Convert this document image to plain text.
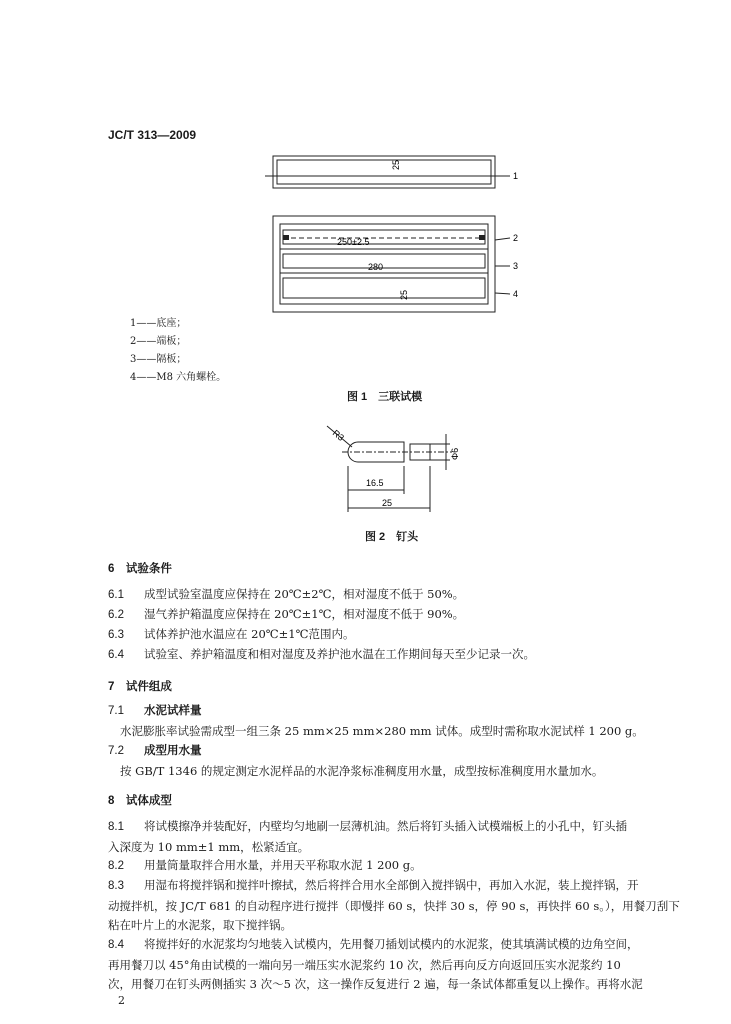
JC/T 313—2009
25
250±2.5
280
25
1
2
3
4
1——底座；
2——端板；
3——隔板；
4——M8 六角螺栓。
图 1　三联试模
R3
Φ6
16.5
25
图 2　钉头
6　试验条件
6.1 成型试验室温度应保持在 20℃±2℃，相对湿度不低于 50%。
6.2 湿气养护箱温度应保持在 20℃±1℃，相对湿度不低于 90%。
6.3 试体养护池水温应在 20℃±1℃范围内。
6.4 试验室、养护箱温度和相对湿度及养护池水温在工作期间每天至少记录一次。
7　试件组成
7.1 水泥试样量
水泥膨胀率试验需成型一组三条 25 mm×25 mm×280 mm 试体。成型时需称取水泥试样 1 200 g。
7.2 成型用水量
按 GB/T 1346 的规定测定水泥样品的水泥净浆标准稠度用水量，成型按标准稠度用水量加水。
8　试体成型
8.1 将试模擦净并装配好，内壁均匀地刷一层薄机油。然后将钉头插入试模端板上的小孔中，钉头插
入深度为 10 mm±1 mm，松紧适宜。
8.2 用量筒量取拌合用水量，并用天平称取水泥 1 200 g。
8.3 用湿布将搅拌锅和搅拌叶擦拭，然后将拌合用水全部倒入搅拌锅中，再加入水泥，装上搅拌锅，开
动搅拌机，按 JC/T 681 的自动程序进行搅拌（即慢拌 60 s，快拌 30 s，停 90 s，再快拌 60 s。），用餐刀刮下
粘在叶片上的水泥浆，取下搅拌锅。
8.4 将搅拌好的水泥浆均匀地装入试模内，先用餐刀插划试模内的水泥浆，使其填满试模的边角空间，
再用餐刀以 45°角由试模的一端向另一端压实水泥浆约 10 次，然后再向反方向返回压实水泥浆约 10
次，用餐刀在钉头两侧插实 3 次～5 次，这一操作反复进行 2 遍，每一条试体都重复以上操作。再将水泥
2
